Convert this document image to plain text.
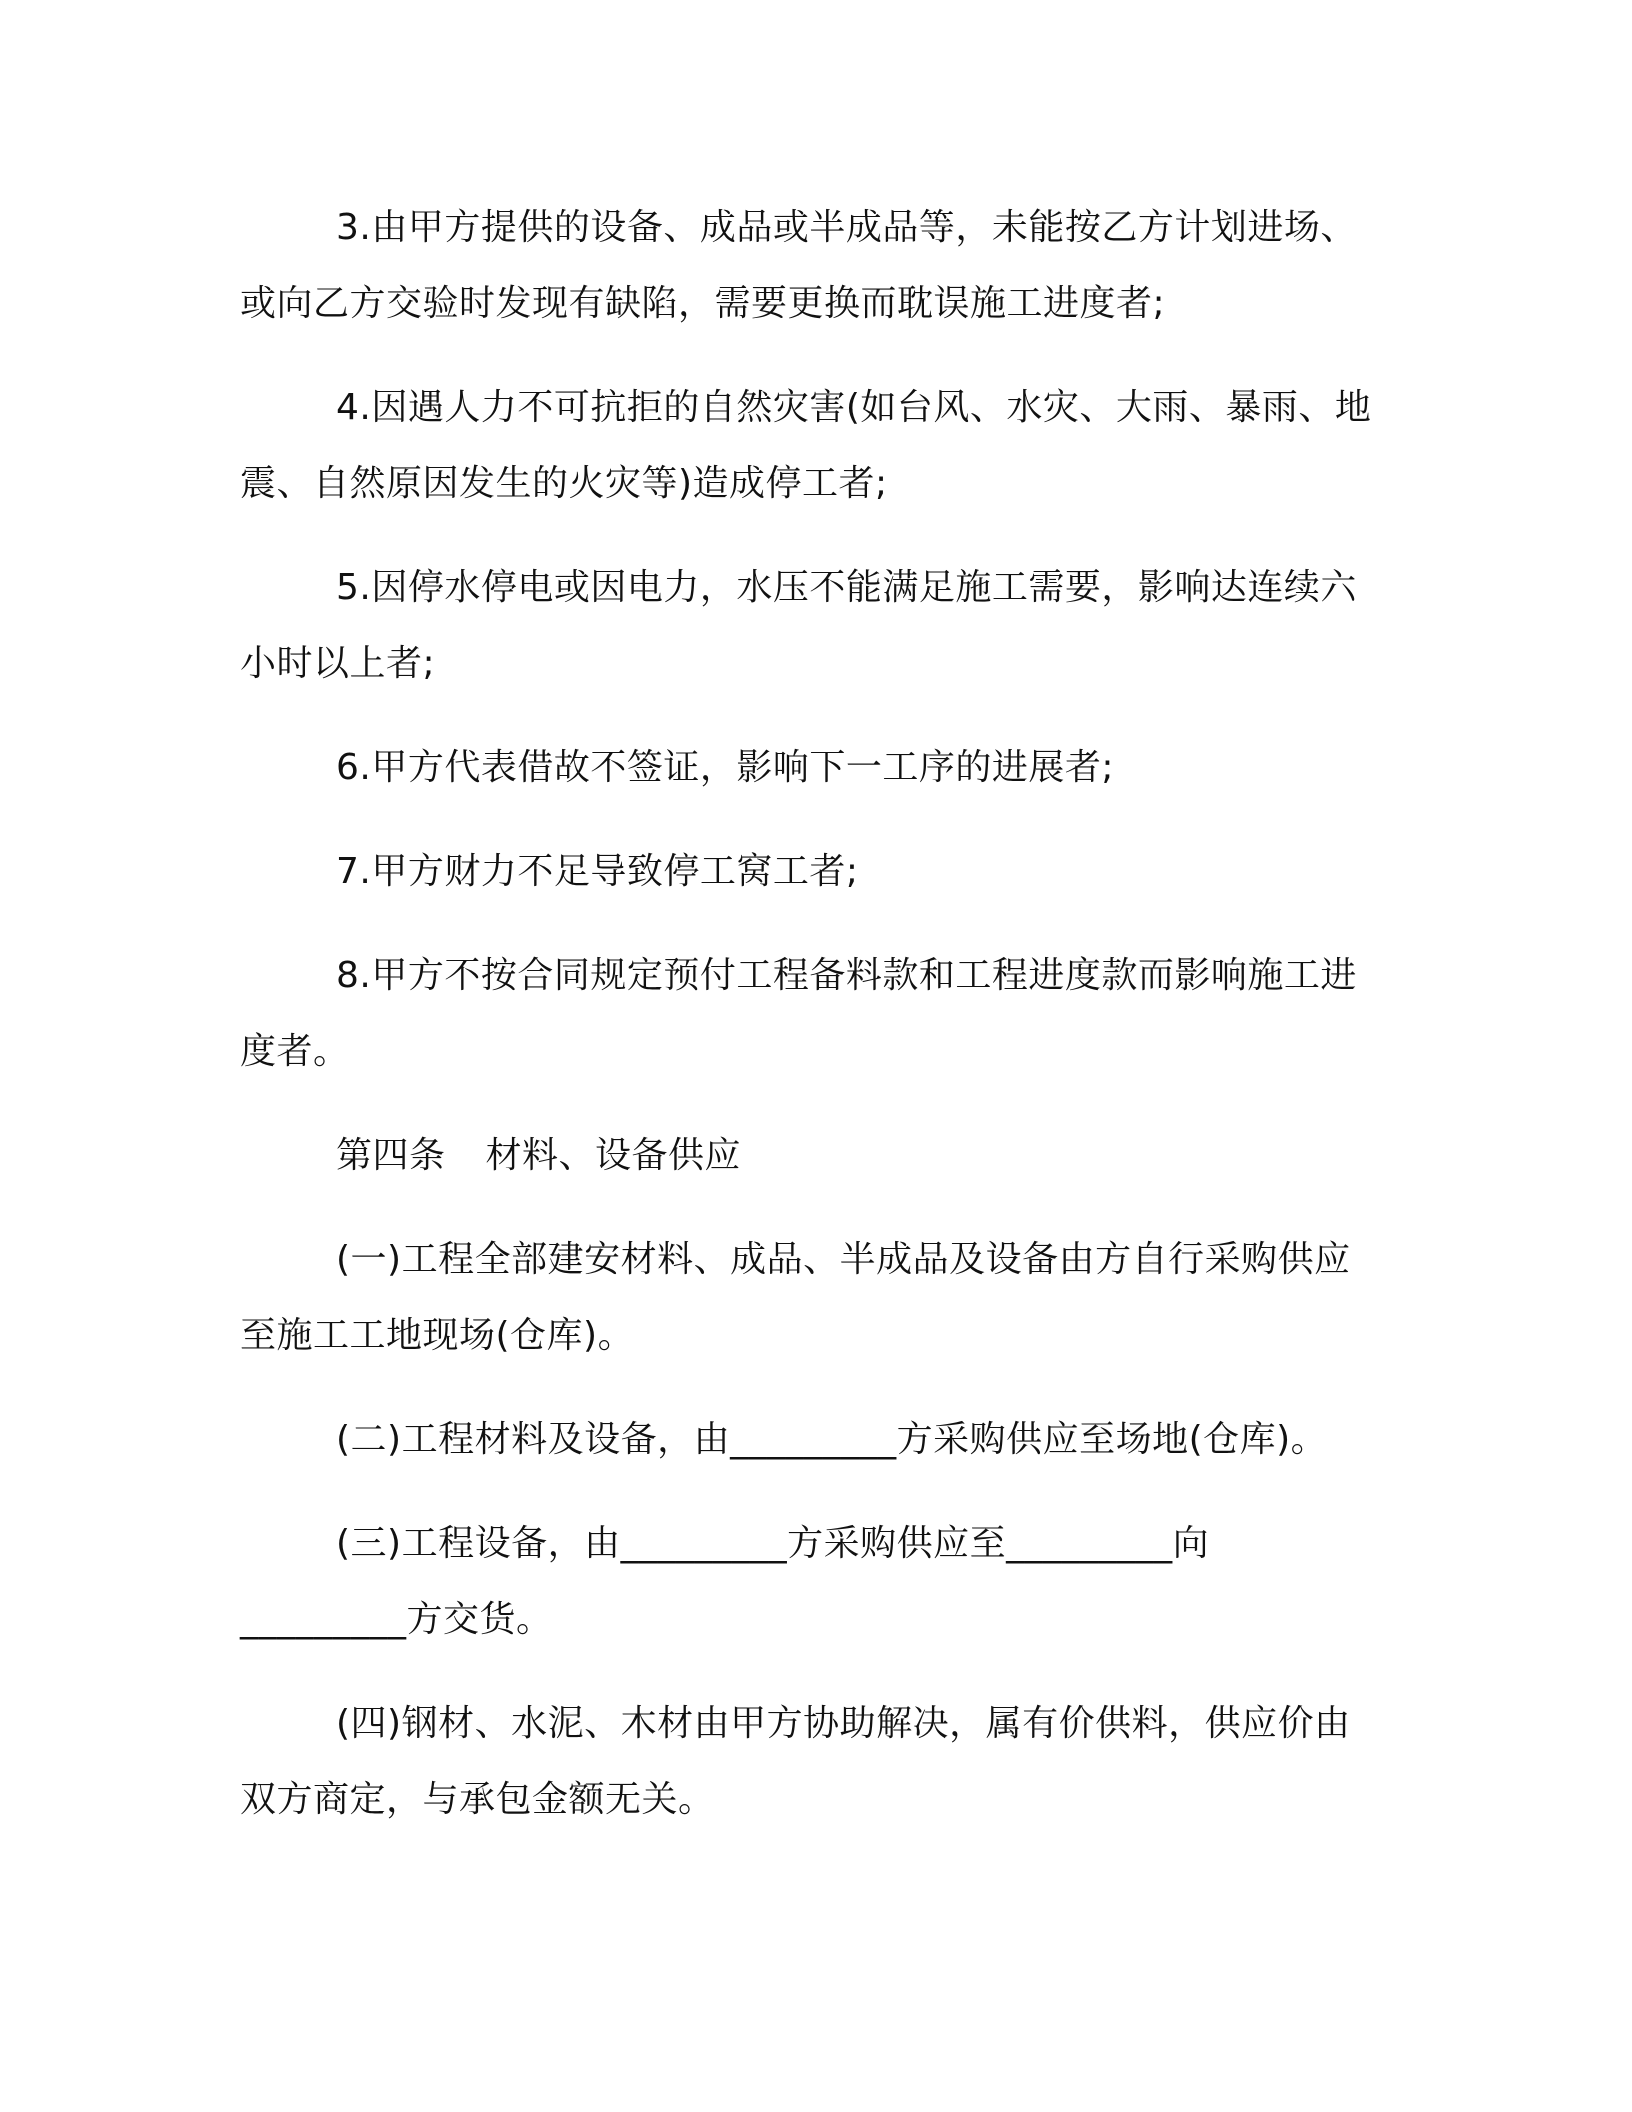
3.由甲方提供的设备、成品或半成品等，未能按乙方计划进场、
或向乙方交验时发现有缺陷，需要更换而耽误施工进度者;
4.因遇人力不可抗拒的自然灾害(如台风、水灾、大雨、暴雨、地
震、自然原因发生的火灾等)造成停工者;
5.因停水停电或因电力，水压不能满足施工需要，影响达连续六
小时以上者;
6.甲方代表借故不签证，影响下一工序的进展者;
7.甲方财力不足导致停工窝工者;
8.甲方不按合同规定预付工程备料款和工程进度款而影响施工进
度者。
第四条 材料、设备供应
(一)工程全部建安材料、成品、半成品及设备由方自行采购供应
至施工工地现场(仓库)。
(二)工程材料及设备，由_________方采购供应至场地(仓库)。
(三)工程设备，由_________方采购供应至_________向
_________方交货。
(四)钢材、水泥、木材由甲方协助解决，属有价供料，供应价由
双方商定，与承包金额无关。
